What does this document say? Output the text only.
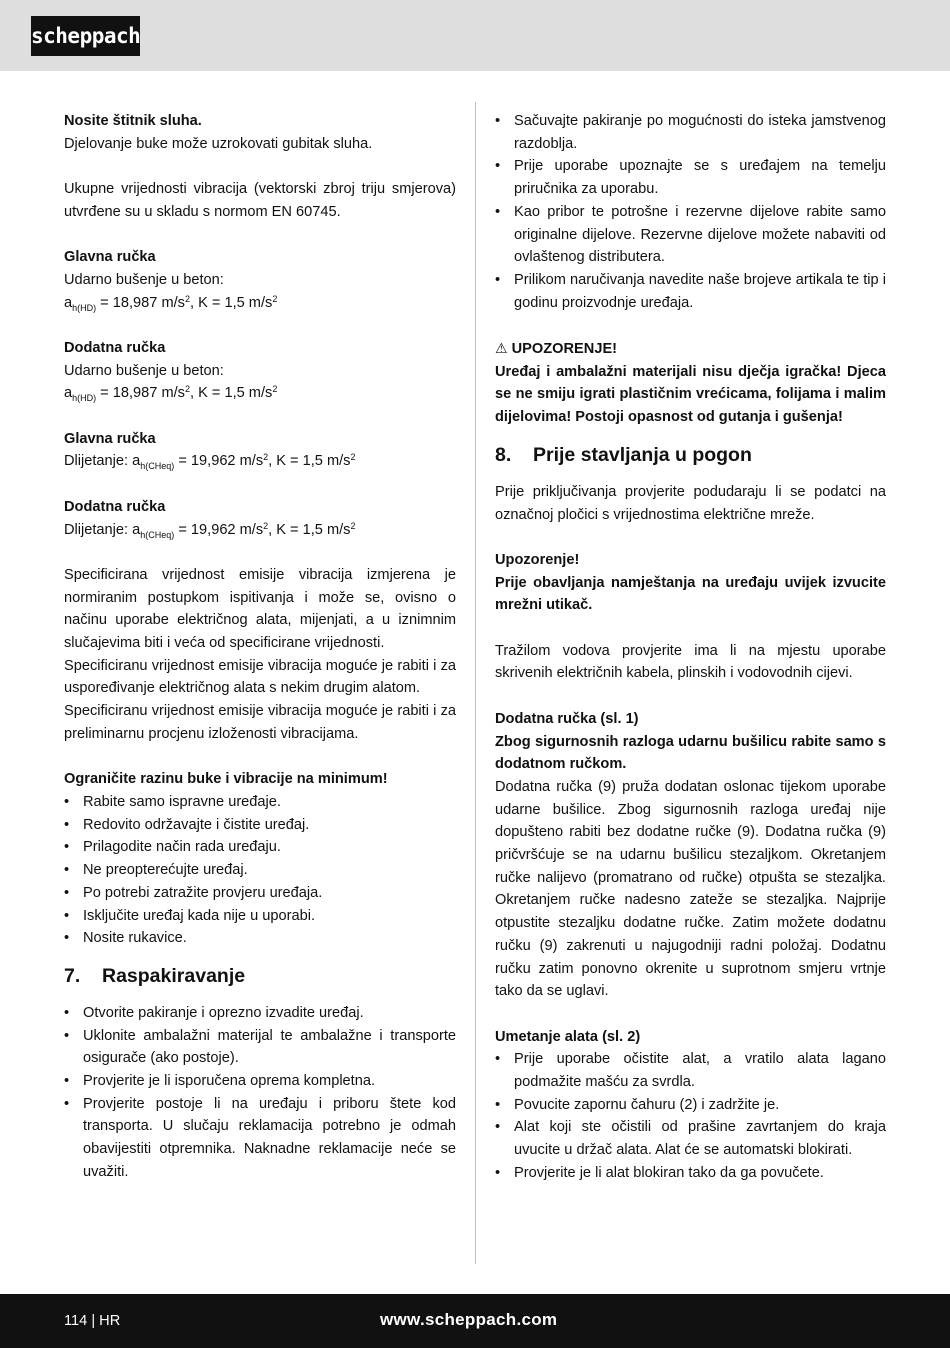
scheppach

Nosite štitnik sluha.

Djelovanje buke može uzrokovati gubitak sluha.

Ukupne vrijednosti vibracija (vektorski zbroj triju smjerova) utvrđene su u skladu s normom EN 60745.

Glavna ručka

Udarno bušenje u beton:

$a_{h(HD)} = 18,987$ $m/s^2$, K = 1,5 $m/s^2$

Dodatna ručka

Udarno bušenje u beton:

$a_{h(HD)} = 18,987$ $m/s^2$, K = 1,5 $m/s^2$

Glavna ručka

Dlijetanje: $a_{h(CHeq)} = 19,962$ $m/s^2$, K = 1,5 $m/s^2$

Dodatna ručka

Dlijetanje: $a_{h(CHeq)} = 19,962$ $m/s^2$, K = 1,5 $m/s^2$

Specificirana vrijednost emisije vibracija izmjerena je normiranim postupkom ispitivanja i može se, ovisno o načinu uporabe električnog alata, mijenjati, a u iznimnim slučajevima biti i veća od specificirane vrijednosti.

Specificiranu vrijednost emisije vibracija moguće je rabiti i za uspoređivanje električnog alata s nekim drugim alatom.

Specificiranu vrijednost emisije vibracija moguće je rabiti i za preliminarnu procjenu izloženosti vibracijama.

Ograničite razinu buke i vibracije na minimum!

• Rabite samo ispravne uređaje.
• Redovito održavajte i čistite uređaj.
• Prilagodite način rada uređaju.
• Ne preopterećujte uređaj.
• Po potrebi zatražite provjeru uređaja.
• Isključite uređaj kada nije u uporabi.
• Nosite rukavice.
7. Raspakiravanje
• Otvorite pakiranje i oprezno izvadite uređaj.
• Uklonite ambalažni materijal te ambalažne i transporte osigurače (ako postoje).
• Provjerite je li isporučena oprema kompletna.
• Provjerite postoje li na uređaju i priboru štete kod transporta. U slučaju reklamacija potrebno je odmah obavijestiti otpremnika. Naknadne reklamacije neće se uvažiti.
• Sačuvajte pakiranje po mogućnosti do isteka jamstvenog razdoblja.
• Prije uporabe upoznajte se s uređajem na temelju priručnika za uporabu.
• Kao pribor te potrošne i rezervne dijelove rabite samo originalne dijelove. Rezervne dijelove možete nabaviti od ovlaštenog distributera.
• Prilikom naručivanja navedite naše brojeve artikala te tip i godinu proizvodnje uređaja.

⚠ UPOZORENJE!

Uređaj i ambalažni materijali nisu dječja igračka! Djeca se ne smiju igrati plastičnim vrećicama, folijama i malim dijelovima! Postoji opasnost od gutanja i gušenja!

8. Prije stavljanja u pogon

Prije priključivanja provjerite podudaraju li se podatci na označnoj pločici s vrijednostima električne mreže.

Upozorenje!

Prije obavljanja namještanja na uređaju uvijek izvucite mrežni utikač.

Tražilom vodova provjerite ima li na mjestu uporabe skrivenih električnih kabela, plinskih i vodovodnih cijevi.

Dodatna ručka (sl. 1)

Zbog sigurnosnih razloga udarnu bušilicu rabite samo s dodatnom ručkom.

Dodatna ručka (9) pruža dodatan oslonac tijekom uporabe udarne bušilice. Zbog sigurnosnih razloga uređaj nije dopušteno rabiti bez dodatne ručke (9). Dodatna ručka (9) pričvršćuje se na udarnu bušilicu stezaljkom. Okretanjem ručke nalijevo (promatrano od ručke) otpušta se stezaljka. Okretanjem ručke nadesno zateže se stezaljka. Najprije otpustite stezaljku dodatne ručke. Zatim možete dodatnu ručku (9) zakrenuti u najugodniji radni položaj. Dodatnu ručku zatim ponovno okrenite u suprotnom smjeru vrtnje tako da se uglavi.

Umetanje alata (sl. 2)

• Prije uporabe očistite alat, a vratilo alata lagano podmažite mašću za svrdla.
• Povucite zapornu čahuru (2) i zadržite je.
• Alat koji ste očistili od prašine zavrtanjem do kraja uvucite u držač alata. Alat će se automatski blokirati.
• Provjerite je li alat blokiran tako da ga povučete.
114 | HR	www.scheppach.com
